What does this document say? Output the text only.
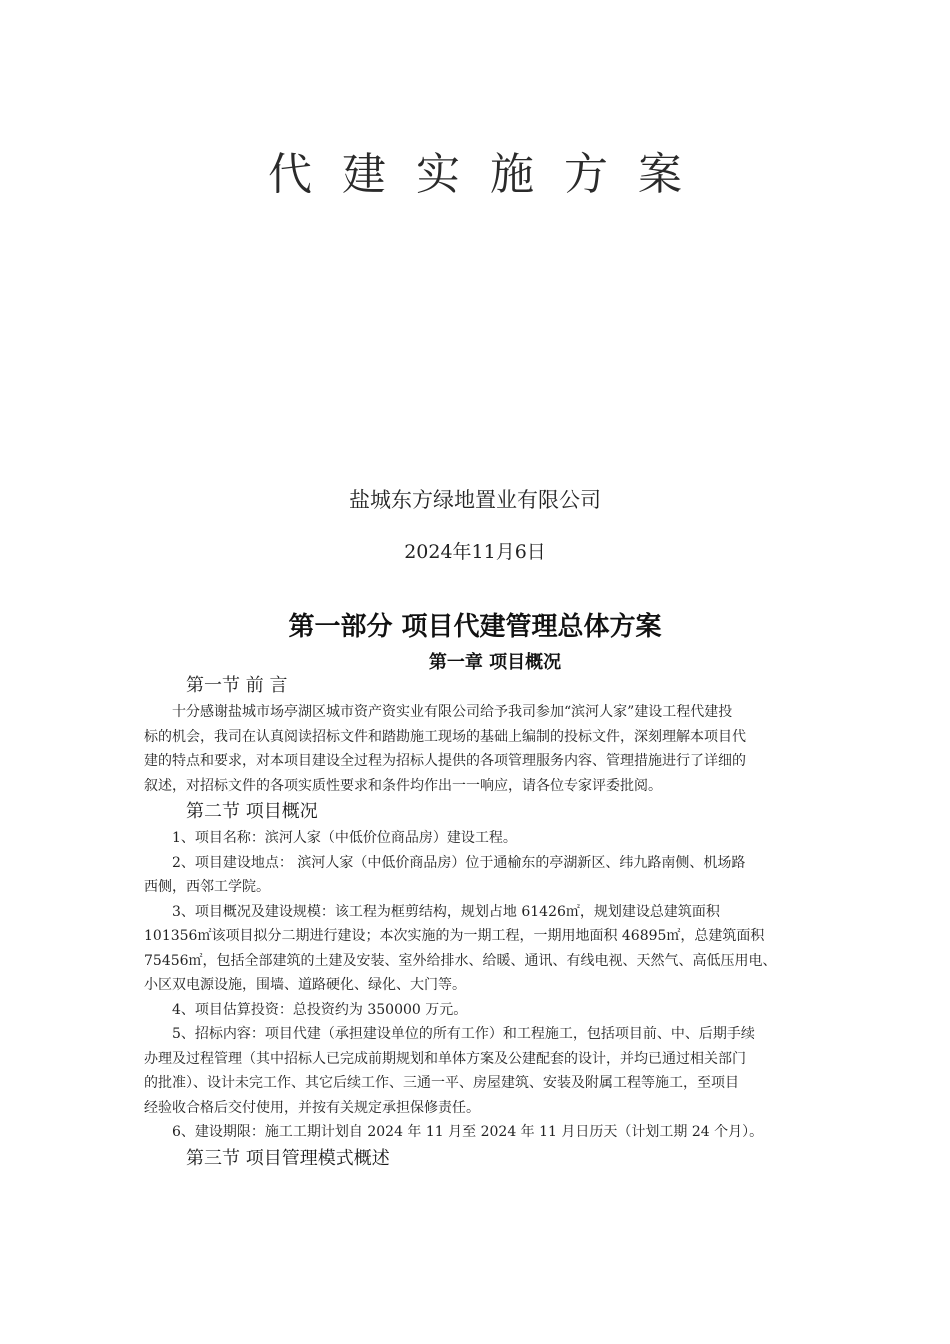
代建实施方案
盐城东方绿地置业有限公司
2024年11月6日
第一部分 项目代建管理总体方案
第一章 项目概况
第一节 前 言
十分感谢盐城市场亭湖区城市资产资实业有限公司给予我司参加“滨河人家”建设工程代建投
标的机会，我司在认真阅读招标文件和踏勘施工现场的基础上编制的投标文件，深刻理解本项目代
建的特点和要求，对本项目建设全过程为招标人提供的各项管理服务内容、管理措施进行了详细的
叙述，对招标文件的各项实质性要求和条件均作出一一响应，请各位专家评委批阅。
第二节 项目概况
1、项目名称：滨河人家（中低价位商品房）建设工程。
2、项目建设地点： 滨河人家（中低价商品房）位于通榆东的亭湖新区、纬九路南侧、机场路
西侧，西邻工学院。
3、项目概况及建设规模：该工程为框剪结构，规划占地 61426㎡，规划建设总建筑面积
101356㎡该项目拟分二期进行建设；本次实施的为一期工程，一期用地面积 46895㎡，总建筑面积
75456㎡，包括全部建筑的土建及安装、室外给排水、给暖、通讯、有线电视、天然气、高低压用电、
小区双电源设施，围墙、道路硬化、绿化、大门等。
4、项目估算投资：总投资约为 350000 万元。
5、招标内容：项目代建（承担建设单位的所有工作）和工程施工，包括项目前、中、后期手续
办理及过程管理（其中招标人已完成前期规划和单体方案及公建配套的设计，并均已通过相关部门
的批准）、设计未完工作、其它后续工作、三通一平、房屋建筑、安装及附属工程等施工，至项目
经验收合格后交付使用，并按有关规定承担保修责任。
6、建设期限：施工工期计划自 2024 年 11 月至 2024 年 11 月日历天（计划工期 24 个月）。
第三节 项目管理模式概述
